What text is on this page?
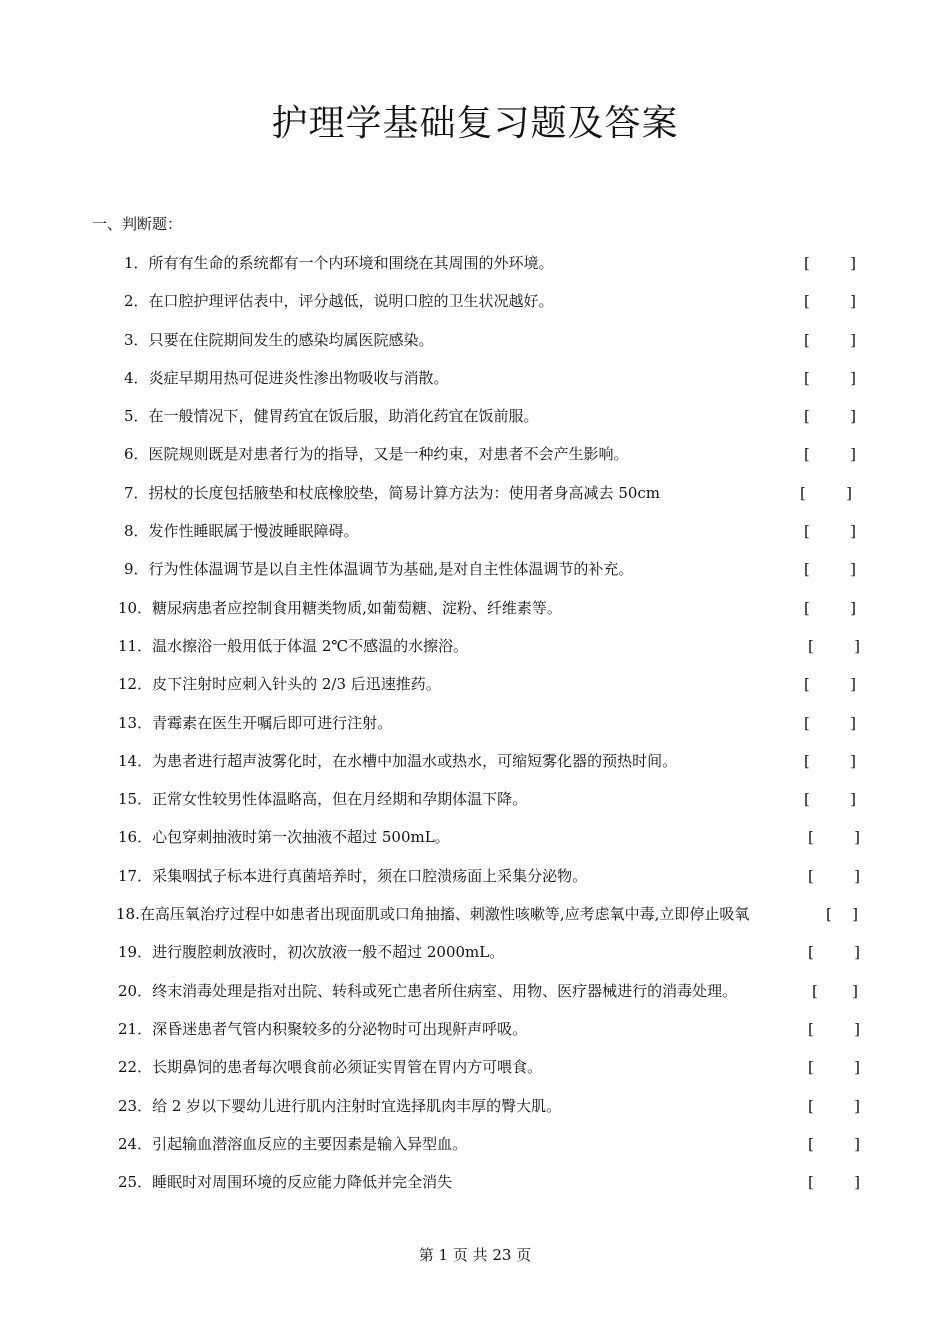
护理学基础复习题及答案
一、判断题：
1．所有有生命的系统都有一个内环境和围绕在其周围的外环境。	[	]
2．在口腔护理评估表中，评分越低，说明口腔的卫生状况越好。	[	]
3．只要在住院期间发生的感染均属医院感染。	[	]
4．炎症早期用热可促进炎性渗出物吸收与消散。	[	]
5．在一般情况下，健胃药宜在饭后服，助消化药宜在饭前服。	[	]
6．医院规则既是对患者行为的指导，又是一种约束，对患者不会产生影响。	[	]
7．拐杖的长度包括腋垫和杖底橡胶垫，简易计算方法为：使用者身高减去 50cm	[	]
8．发作性睡眠属于慢波睡眠障碍。	[	]
9．行为性体温调节是以自主性体温调节为基础,是对自主性体温调节的补充。	[	]
10．糖尿病患者应控制食用糖类物质,如葡萄糖、淀粉、纤维素等。	[	]
11．温水擦浴一般用低于体温 2℃不感温的水擦浴。	[	]
12．皮下注射时应刺入针头的 2/3 后迅速推药。	[	]
13．青霉素在医生开嘱后即可进行注射。	[	]
14．为患者进行超声波雾化时，在水槽中加温水或热水，可缩短雾化器的预热时间。	[	]
15．正常女性较男性体温略高，但在月经期和孕期体温下降。	[	]
16．心包穿刺抽液时第一次抽液不超过 500mL。	[	]
17．采集咽拭子标本进行真菌培养时，须在口腔溃疡面上采集分泌物。	[	]
18.在高压氧治疗过程中如患者出现面肌或口角抽搐、刺激性咳嗽等,应考虑氧中毒,立即停止吸氧	[ ]
19．进行腹腔刺放液时，初次放液一般不超过 2000mL。	[	]
20．终末消毒处理是指对出院、转科或死亡患者所住病室、用物、医疗器械进行的消毒处理。	[ ]
21．深昏迷患者气管内积聚较多的分泌物时可出现鼾声呼吸。	[	]
22．长期鼻饲的患者每次喂食前必须证实胃管在胃内方可喂食。	[	]
23．给 2 岁以下婴幼儿进行肌内注射时宜选择肌肉丰厚的臀大肌。	[	]
24．引起输血潜溶血反应的主要因素是输入异型血。	[	]
25．睡眠时对周围环境的反应能力降低并完全消失	[	]
第 1 页 共 23 页
